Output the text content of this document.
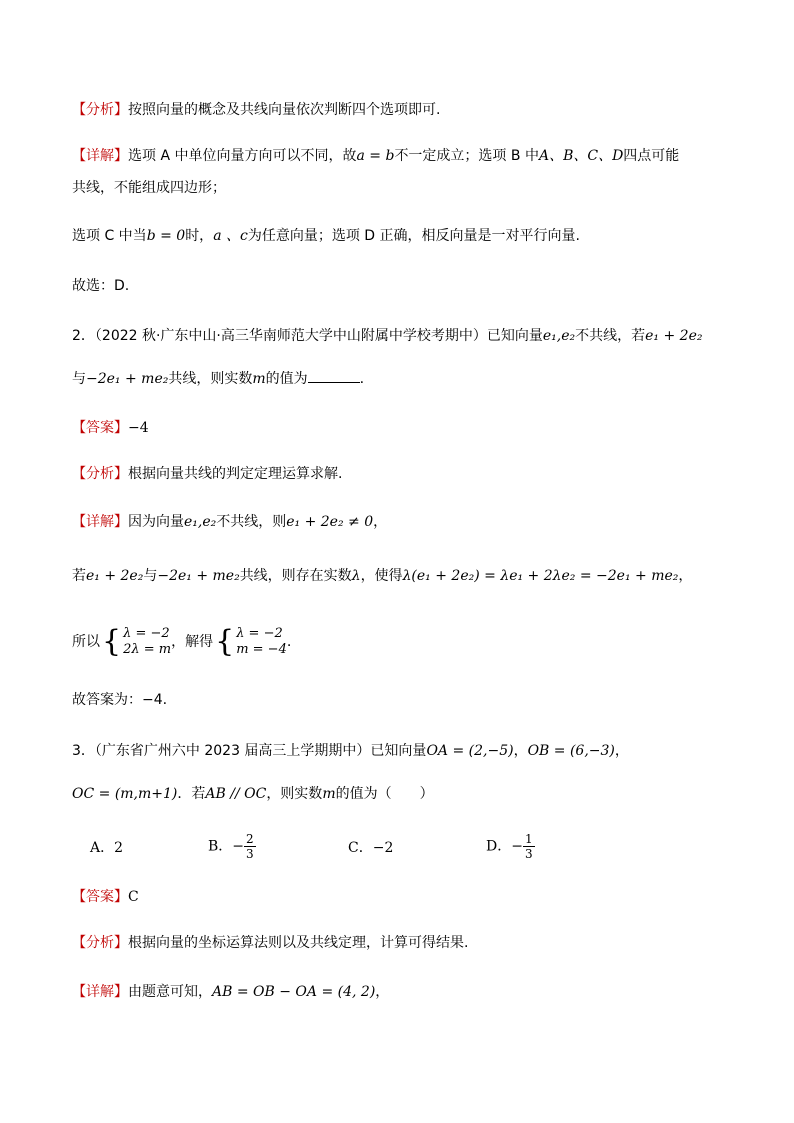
【分析】按照向量的概念及共线向量依次判断四个选项即可.
【详解】选项 A 中单位向量方向可以不同，故a = b不一定成立；选项 B 中A、B、C、D四点可能
共线，不能组成四边形；
选项 C 中当b = 0时，a 、c为任意向量；选项 D 正确，相反向量是一对平行向量.
故选：D.
2．（2022 秋·广东中山·高三华南师范大学中山附属中学校考期中）已知向量e₁,e₂不共线，若e₁ + 2e₂
与−2e₁ + me₂共线，则实数m的值为	.
【答案】−4
【分析】根据向量共线的判定定理运算求解.
【详解】因为向量e₁,e₂不共线，则e₁ + 2e₂ ≠ 0，
若e₁ + 2e₂与−2e₁ + me₂共线，则存在实数λ，使得λ(e₁ + 2e₂) = λe₁ + 2λe₂ = −2e₁ + me₂，
所以{ λ = −2
2λ = m ，解得{ λ = −2
m = −4 .
故答案为：−4.
3．（广东省广州六中 2023 届高三上学期期中）已知向量OA = (2,−5)，OB = (6,−3)，
OC = (m,m+1)．若AB // OC，则实数m的值为（　　）
A．2	B．− $\frac{2}{3}$	C．−2	D．− $\frac{1}{3}$
【答案】C
【分析】根据向量的坐标运算法则以及共线定理，计算可得结果.
【详解】由题意可知，AB = OB − OA = (4, 2)，
